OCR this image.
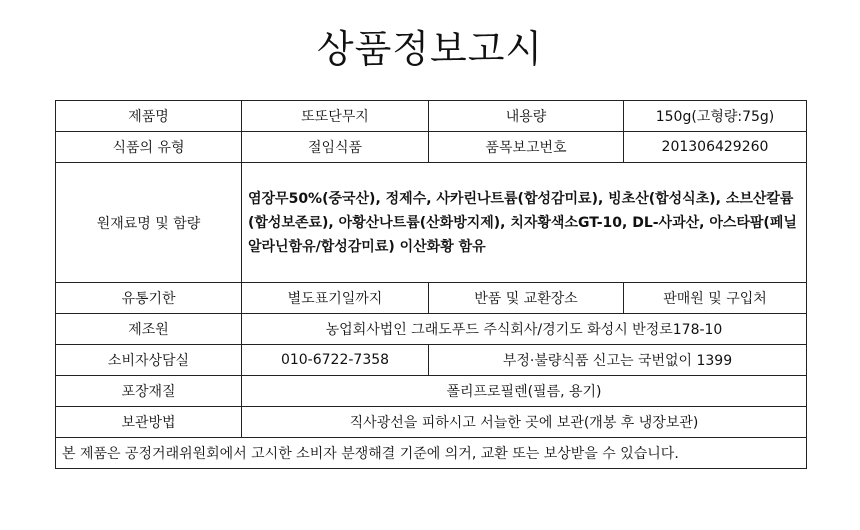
상품정보고시
제품명	또또단무지	내용량	150g(고형량:75g)
식품의 유형	절임식품	품목보고번호	201306429260
원재료명 및 함량	염장무50%(중국산), 정제수, 사카린나트륨(합성감미료), 빙초산(합성식초), 소브산칼륨(합성보존료), 아황산나트륨(산화방지제), 치자황색소GT-10, DL-사과산, 아스타팜(페닐알라닌함유/합성감미료) 이산화황 함유		
유통기한	별도표기일까지	반품 및 교환장소	판매원 및 구입처
제조원	농업회사법인 그래도푸드 주식회사/경기도 화성시 반정로178-10		
소비자상담실	010-6722-7358	부정·불량식품 신고는 국번없이 1399	
포장재질	폴리프로필렌(필름, 용기)		
보관방법	직사광선을 피하시고 서늘한 곳에 보관(개봉 후 냉장보관)		
본 제품은 공정거래위원회에서 고시한 소비자 분쟁해결 기준에 의거, 교환 또는 보상받을 수 있습니다.			
